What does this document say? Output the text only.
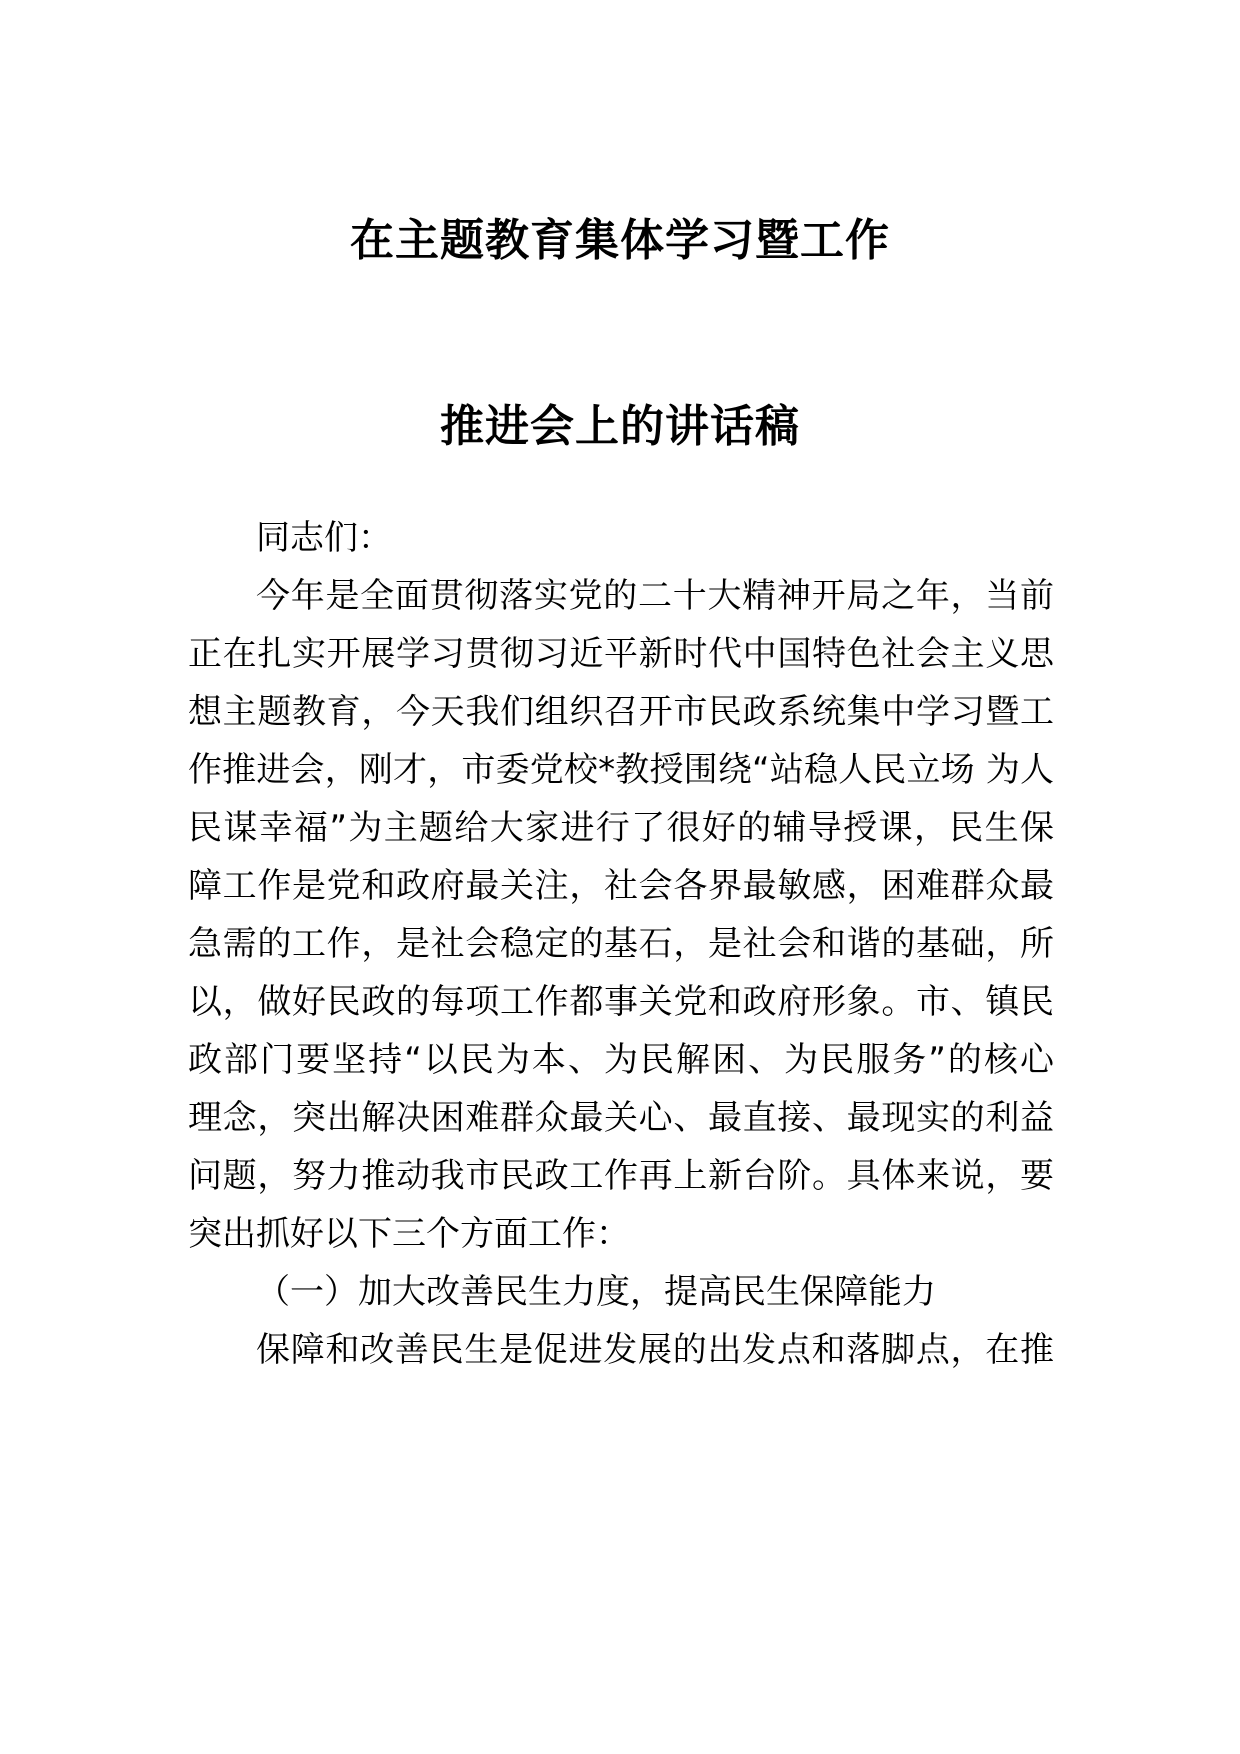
在主题教育集体学习暨工作
推进会上的讲话稿
同志们：
今年是全面贯彻落实党的二十大精神开局之年，当前
正在扎实开展学习贯彻习近平新时代中国特色社会主义思
想主题教育，今天我们组织召开市民政系统集中学习暨工
作推进会，刚才，市委党校*教授围绕“站稳人民立场 为人
民谋幸福”为主题给大家进行了很好的辅导授课，民生保
障工作是党和政府最关注，社会各界最敏感，困难群众最
急需的工作，是社会稳定的基石，是社会和谐的基础，所
以，做好民政的每项工作都事关党和政府形象。市、镇民
政部门要坚持“以民为本、为民解困、为民服务”的核心
理念，突出解决困难群众最关心、最直接、最现实的利益
问题，努力推动我市民政工作再上新台阶。具体来说，要
突出抓好以下三个方面工作：
（一）加大改善民生力度，提高民生保障能力
保障和改善民生是促进发展的出发点和落脚点，在推
